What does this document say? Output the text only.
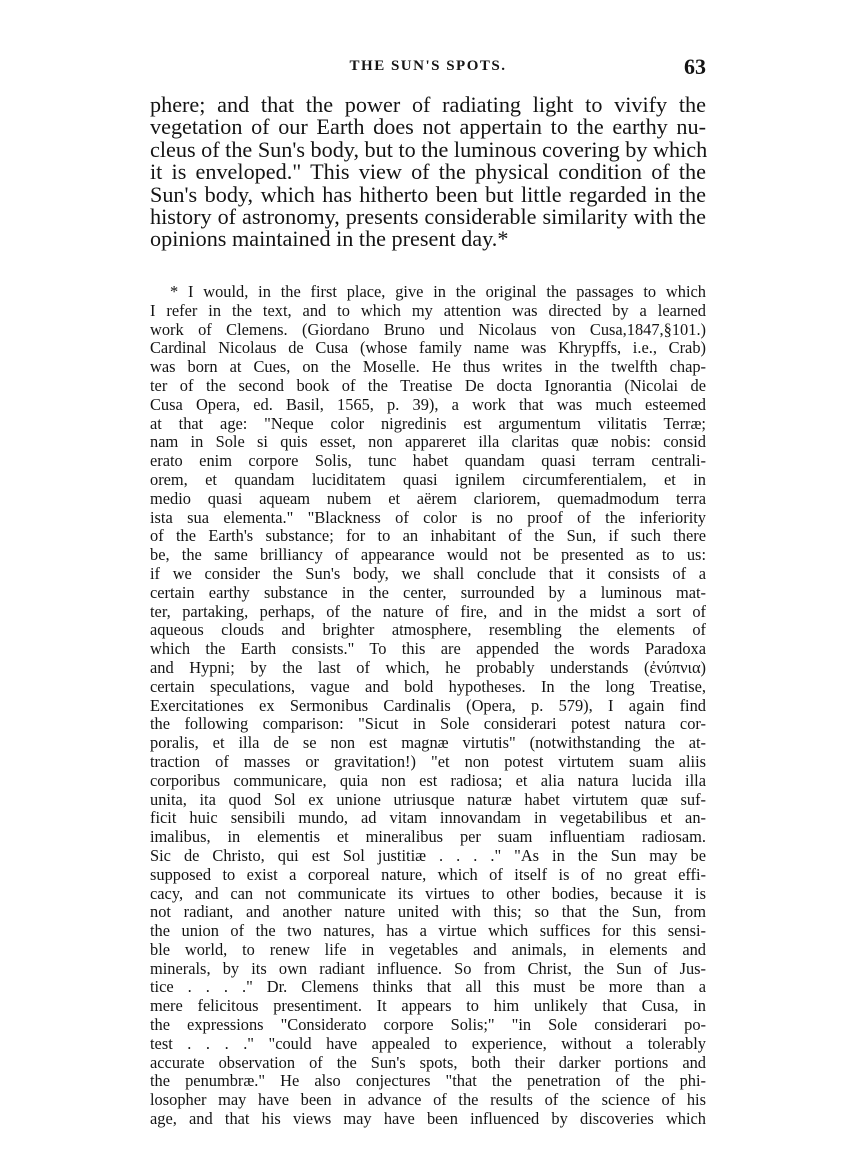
THE SUN'S SPOTS.	63

phere; and that the power of radiating light to vivify the
vegetation of our Earth does not appertain to the earthy nu-
cleus of the Sun's body, but to the luminous covering by which
it is enveloped." This view of the physical condition of the
Sun's body, which has hitherto been but little regarded in the
history of astronomy, presents considerable similarity with the
opinions maintained in the present day.*

* I would, in the first place, give in the original the passages to which
I refer in the text, and to which my attention was directed by a learned
work of Clemens. (Giordano Bruno und Nicolaus von Cusa,1847,§101.)
Cardinal Nicolaus de Cusa (whose family name was Khrypffs, i.e., Crab)
was born at Cues, on the Moselle. He thus writes in the twelfth chap-
ter of the second book of the Treatise De docta Ignorantia (Nicolai de
Cusa Opera, ed. Basil, 1565, p. 39), a work that was much esteemed
at that age: "Neque color nigredinis est argumentum vilitatis Terræ;
nam in Sole si quis esset, non appareret illa claritas quæ nobis: consid
erato enim corpore Solis, tunc habet quandam quasi terram centrali-
orem, et quandam luciditatem quasi ignilem circumferentialem, et in
medio quasi aqueam nubem et aërem clariorem, quemadmodum terra
ista sua elementa." "Blackness of color is no proof of the inferiority
of the Earth's substance; for to an inhabitant of the Sun, if such there
be, the same brilliancy of appearance would not be presented as to us:
if we consider the Sun's body, we shall conclude that it consists of a
certain earthy substance in the center, surrounded by a luminous mat-
ter, partaking, perhaps, of the nature of fire, and in the midst a sort of
aqueous clouds and brighter atmosphere, resembling the elements of
which the Earth consists." To this are appended the words Paradoxa
and Hypni; by the last of which, he probably understands (ἐνύπνια)
certain speculations, vague and bold hypotheses. In the long Treatise,
Exercitationes ex Sermonibus Cardinalis (Opera, p. 579), I again find
the following comparison: "Sicut in Sole considerari potest natura cor-
poralis, et illa de se non est magnæ virtutis" (notwithstanding the at-
traction of masses or gravitation!) "et non potest virtutem suam aliis
corporibus communicare, quia non est radiosa; et alia natura lucida illa
unita, ita quod Sol ex unione utriusque naturæ habet virtutem quæ suf-
ficit huic sensibili mundo, ad vitam innovandam in vegetabilibus et an-
imalibus, in elementis et mineralibus per suam influentiam radiosam.
Sic de Christo, qui est Sol justitiæ . . . ." "As in the Sun may be
supposed to exist a corporeal nature, which of itself is of no great effi-
cacy, and can not communicate its virtues to other bodies, because it is
not radiant, and another nature united with this; so that the Sun, from
the union of the two natures, has a virtue which suffices for this sensi-
ble world, to renew life in vegetables and animals, in elements and
minerals, by its own radiant influence. So from Christ, the Sun of Jus-
tice . . . ." Dr. Clemens thinks that all this must be more than a
mere felicitous presentiment. It appears to him unlikely that Cusa, in
the expressions "Considerato corpore Solis;" "in Sole considerari po-
test . . . ." "could have appealed to experience, without a tolerably
accurate observation of the Sun's spots, both their darker portions and
the penumbræ." He also conjectures "that the penetration of the phi-
losopher may have been in advance of the results of the science of his
age, and that his views may have been influenced by discoveries which
